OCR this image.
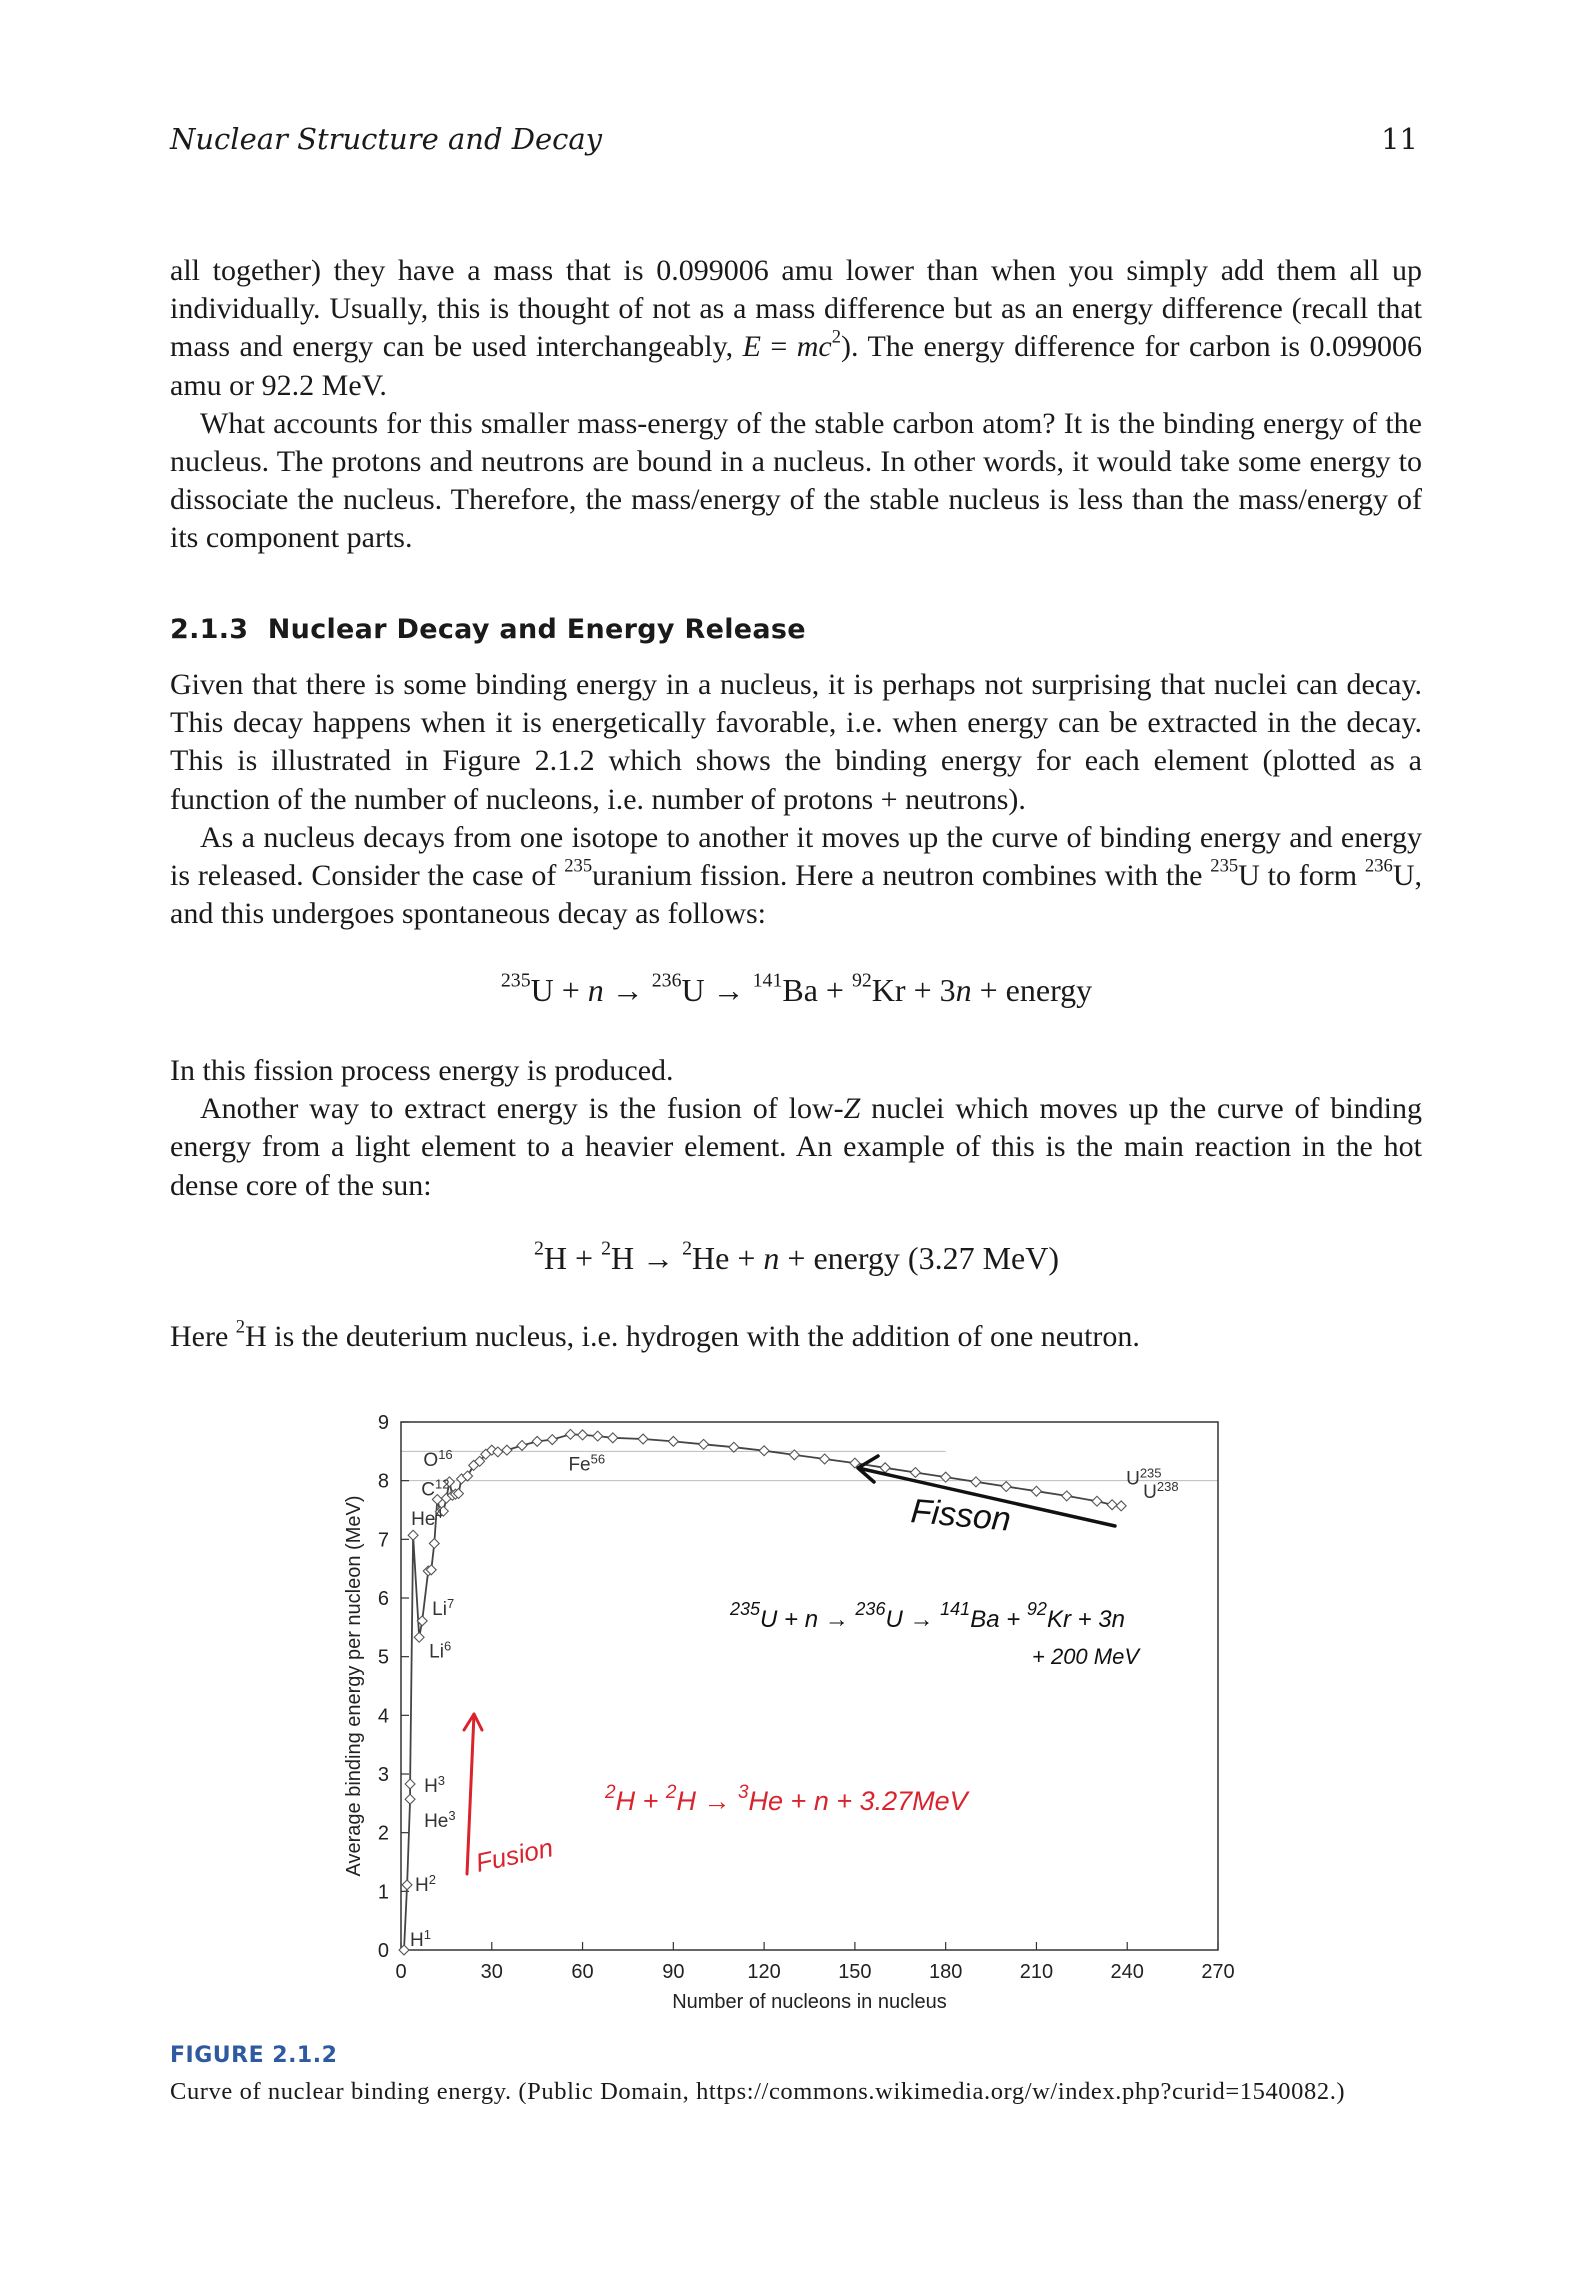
Nuclear Structure and Decay	11

all together) they have a mass that is 0.099006 amu lower than when you simply add them all up individually. Usually, this is thought of not as a mass difference but as an energy difference (recall that mass and energy can be used interchangeably, $E = mc^2$). The energy difference for carbon is 0.099006 amu or 92.2 MeV.

What accounts for this smaller mass-energy of the stable carbon atom? It is the binding energy of the nucleus. The protons and neutrons are bound in a nucleus. In other words, it would take some energy to dissociate the nucleus. Therefore, the mass/energy of the stable nucleus is less than the mass/energy of its component parts.

2.1.3 Nuclear Decay and Energy Release

Given that there is some binding energy in a nucleus, it is perhaps not surprising that nuclei can decay. This decay happens when it is energetically favorable, i.e. when energy can be extracted in the decay. This is illustrated in Figure 2.1.2 which shows the binding energy for each element (plotted as a function of the number of nucleons, i.e. number of protons + neutrons).

As a nucleus decays from one isotope to another it moves up the curve of binding energy and energy is released. Consider the case of $^{235}$uranium fission. Here a neutron combines with the $^{235}$U to form $^{236}$U, and this undergoes spontaneous decay as follows:

$^{235}$U + n → $^{236}$U → $^{141}$Ba + $^{92}$Kr + 3n + energy

In this fission process energy is produced.

Another way to extract energy is the fusion of low-Z nuclei which moves up the curve of binding energy from a light element to a heavier element. An example of this is the main reaction in the hot dense core of the sun:

$^2$H + $^2$H → $^2$He + n + energy (3.27 MeV)

Here $^2$H is the deuterium nucleus, i.e. hydrogen with the addition of one neutron.

0	30	60	90	120	150	180	210	240	270
0
1
2
3
4
5
6
7
8
9
$H^1$
$H^2$
$H^3$
He$^3$
He$^4$
Li$^7$
Li$^6$
$C^{12}$
$O^{16}$	Fe$^{56}$
$U^{235}$
$U^{238}$
Number of nucleons in nucleus
Average binding energy per nucleon (MeV)	Fisson
$^{235}$U + n → $^{236}$U → $^{141}$Ba + $^{92}$Kr + 3n
+ 200 MeV
Fusion
$^2$H + $^2$H → $^3$He + n + 3.27MeV
FIGURE 2.1.2
Curve of nuclear binding energy. (Public Domain, https://commons.wikimedia.org/w/index.php?curid=1540082.)
